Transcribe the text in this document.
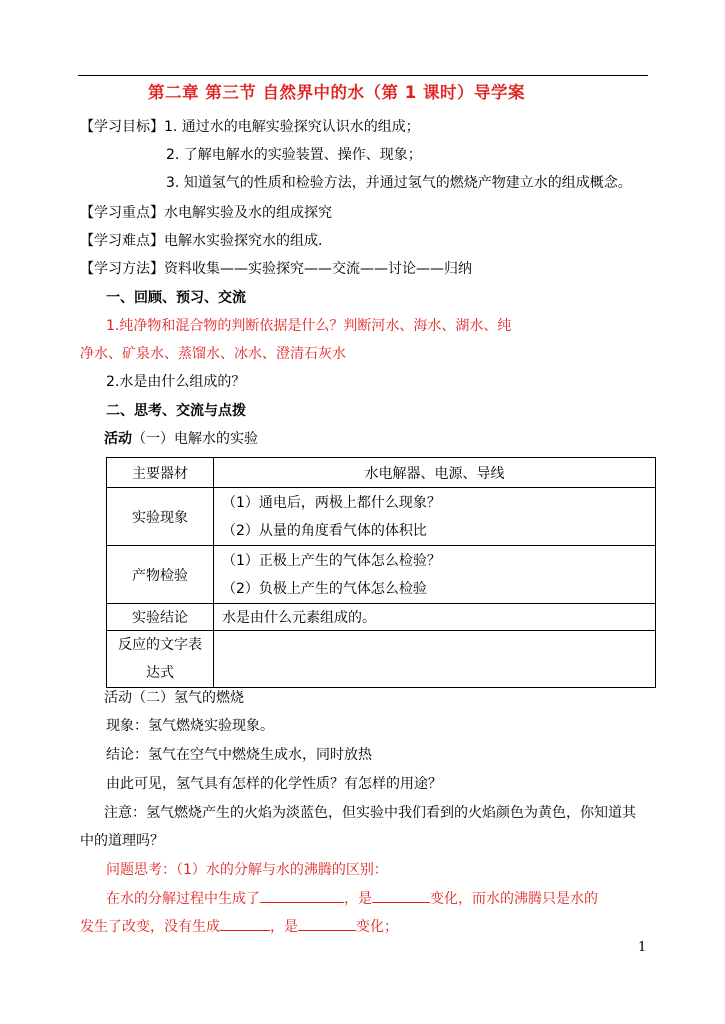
第二章 第三节 自然界中的水（第 1 课时）导学案
【学习目标】1. 通过水的电解实验探究认识水的组成；
2. 了解电解水的实验装置、操作、现象；
3. 知道氢气的性质和检验方法，并通过氢气的燃烧产物建立水的组成概念。
【学习重点】水电解实验及水的组成探究
【学习难点】电解水实验探究水的组成.
【学习方法】资料收集——实验探究——交流——讨论——归纳
一、回顾、预习、交流
1.纯净物和混合物的判断依据是什么？判断河水、海水、湖水、纯
净水、矿泉水、蒸馏水、冰水、澄清石灰水
2.水是由什么组成的？
二、思考、交流与点拨
活动（一）电解水的实验
主要器材	水电解器、电源、导线
实验现象	（1）通电后，两极上都什么现象？
（2）从量的角度看气体的体积比

产物检验	（1）正极上产生的气体怎么检验？
（2）负极上产生的气体怎么检验

实验结论	水是由什么元素组成的。

反应的文字表
达式	

活动（二）氢气的燃烧
现象：氢气燃烧实验现象。
结论：氢气在空气中燃烧生成水，同时放热
由此可见，氢气具有怎样的化学性质？有怎样的用途？
注意：氢气燃烧产生的火焰为淡蓝色，但实验中我们看到的火焰颜色为黄色，你知道其
中的道理吗？
问题思考：（1）水的分解与水的沸腾的区别：
在水的分解过程中生成了	，是	变化，而水的沸腾只是水的
发生了改变，没有生成	，是	变化；
1
